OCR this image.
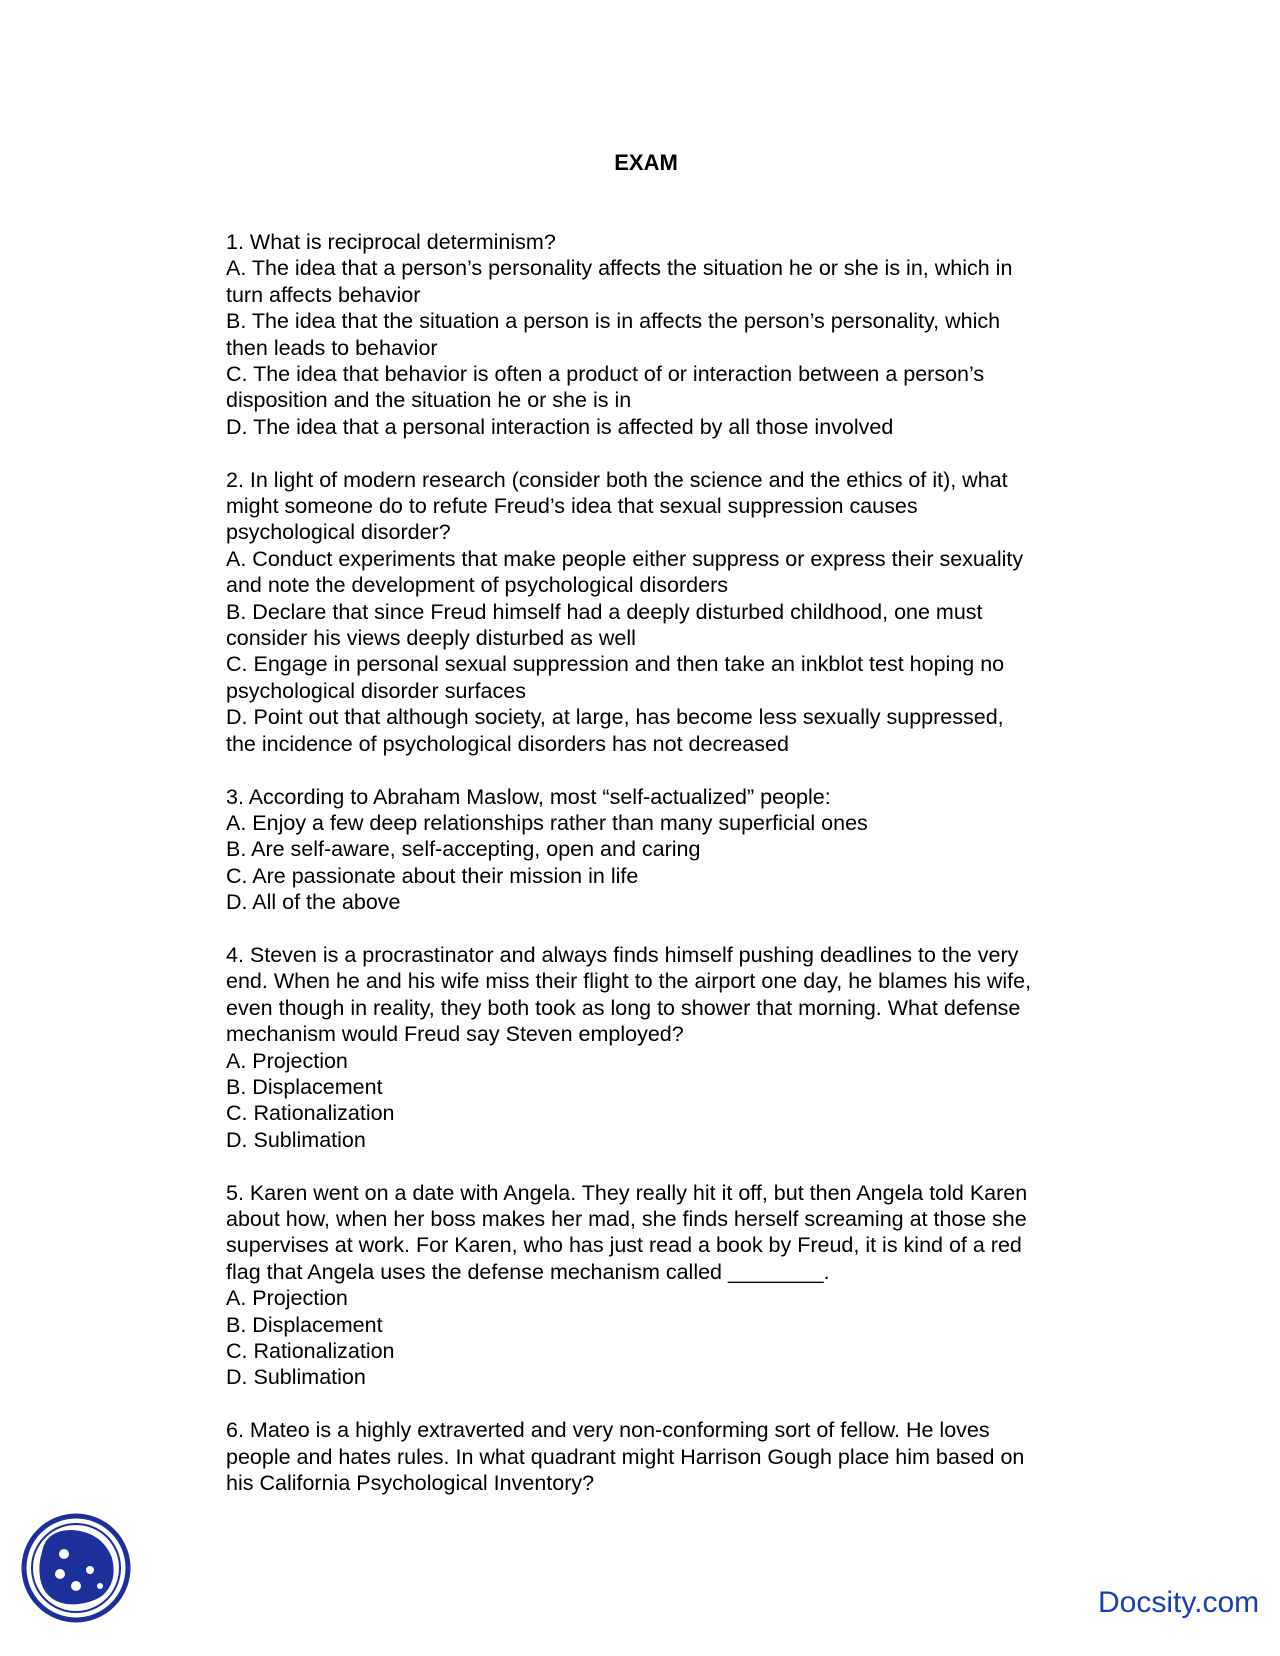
EXAM
1. What is reciprocal determinism?
A. The idea that a person’s personality affects the situation he or she is in, which in
turn affects behavior
B. The idea that the situation a person is in affects the person’s personality, which
then leads to behavior
C. The idea that behavior is often a product of or interaction between a person’s
disposition and the situation he or she is in
D. The idea that a personal interaction is affected by all those involved
2. In light of modern research (consider both the science and the ethics of it), what
might someone do to refute Freud’s idea that sexual suppression causes
psychological disorder?
A. Conduct experiments that make people either suppress or express their sexuality
and note the development of psychological disorders
B. Declare that since Freud himself had a deeply disturbed childhood, one must
consider his views deeply disturbed as well
C. Engage in personal sexual suppression and then take an inkblot test hoping no
psychological disorder surfaces
D. Point out that although society, at large, has become less sexually suppressed,
the incidence of psychological disorders has not decreased
3. According to Abraham Maslow, most “self-actualized” people:
A. Enjoy a few deep relationships rather than many superficial ones
B. Are self-aware, self-accepting, open and caring
C. Are passionate about their mission in life
D. All of the above
4. Steven is a procrastinator and always finds himself pushing deadlines to the very
end. When he and his wife miss their flight to the airport one day, he blames his wife,
even though in reality, they both took as long to shower that morning. What defense
mechanism would Freud say Steven employed?
A. Projection
B. Displacement
C. Rationalization
D. Sublimation
5. Karen went on a date with Angela. They really hit it off, but then Angela told Karen
about how, when her boss makes her mad, she finds herself screaming at those she
supervises at work. For Karen, who has just read a book by Freud, it is kind of a red
flag that Angela uses the defense mechanism called ________.
A. Projection
B. Displacement
C. Rationalization
D. Sublimation
6. Mateo is a highly extraverted and very non-conforming sort of fellow. He loves
people and hates rules. In what quadrant might Harrison Gough place him based on
his California Psychological Inventory?
Docsity.com
